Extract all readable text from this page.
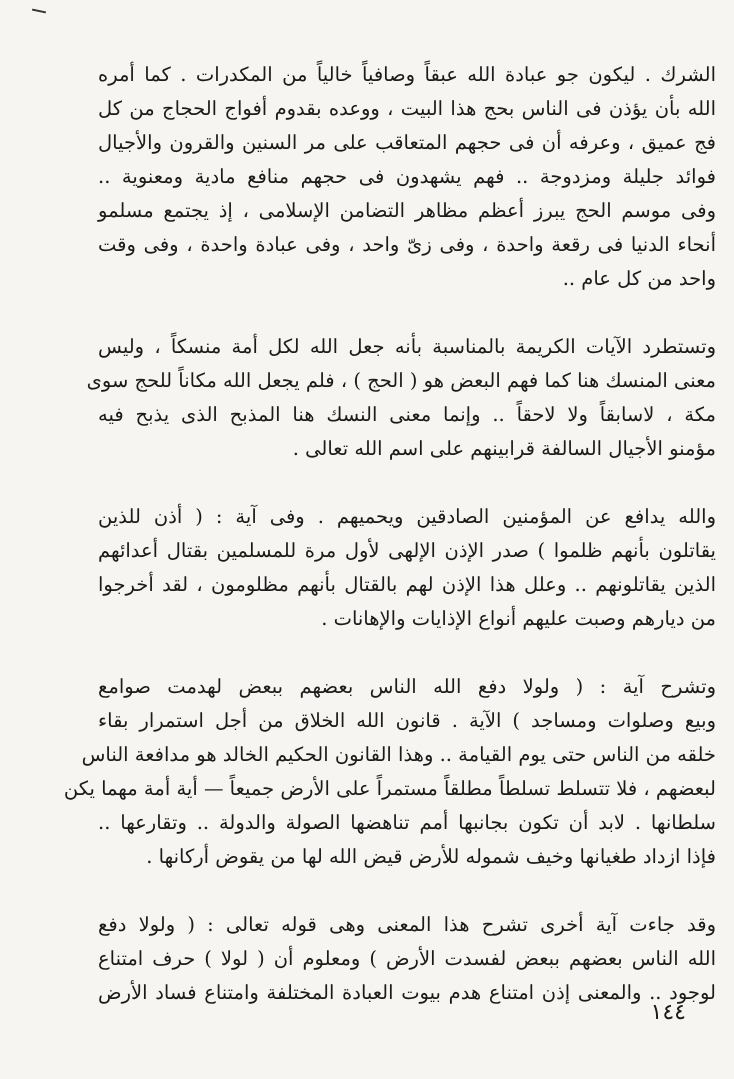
الشرك . ليكون جو عبادة الله عبقاً وصافياً خالياً من المكدرات . كما أمره
الله بأن يؤذن فى الناس بحج هذا البيت ، ووعده بقدوم أفواج الحجاج من كل
فج عميق ، وعرفه أن فى حجهم المتعاقب على مر السنين والقرون والأجيال
فوائد جليلة ومزدوجة .. فهم يشهدون فى حجهم منافع مادية ومعنوية ..
وفى موسم الحج يبرز أعظم مظاهر التضامن الإسلامى ، إذ يجتمع مسلمو
أنحاء الدنيا فى رقعة واحدة ، وفى زىّ واحد ، وفى عبادة واحدة ، وفى وقت
واحد من كل عام ..
وتستطرد الآيات الكريمة بالمناسبة بأنه جعل الله لكل أمة منسكاً ، وليس
معنى المنسك هنا كما فهم البعض هو ( الحج ) ، فلم يجعل الله مكاناً للحج سوى
مكة ، لاسابقاً ولا لاحقاً .. وإنما معنى النسك هنا المذبح الذى يذبح فيه
مؤمنو الأجيال السالفة قرابينهم على اسم الله تعالى .
والله يدافع عن المؤمنين الصادقين ويحميهم . وفى آية : ( أذن للذين
يقاتلون بأنهم ظلموا ) صدر الإذن الإلهى لأول مرة للمسلمين بقتال أعدائهم
الذين يقاتلونهم .. وعلل هذا الإذن لهم بالقتال بأنهم مظلومون ، لقد أخرجوا
من ديارهم وصبت عليهم أنواع الإذايات والإهانات .
وتشرح آية : ( ولولا دفع الله الناس بعضهم ببعض لهدمت صوامع
وبيع وصلوات ومساجد ) الآية . قانون الله الخلاق من أجل استمرار بقاء
خلقه من الناس حتى يوم القيامة .. وهذا القانون الحكيم الخالد هو مدافعة الناس
لبعضهم ، فلا تتسلط تسلطاً مطلقاً مستمراً على الأرض جميعاً — أية أمة مهما يكن
سلطانها . لابد أن تكون بجانبها أمم تناهضها الصولة والدولة .. وتقارعها ..
فإذا ازداد طغيانها وخيف شموله للأرض قيض الله لها من يقوض أركانها .
وقد جاءت آية أخرى تشرح هذا المعنى وهى قوله تعالى : ( ولولا دفع
الله الناس بعضهم ببعض لفسدت الأرض ) ومعلوم أن ( لولا ) حرف امتناع
لوجود .. والمعنى إذن امتناع هدم بيوت العبادة المختلفة وامتناع فساد الأرض
١٤٤
